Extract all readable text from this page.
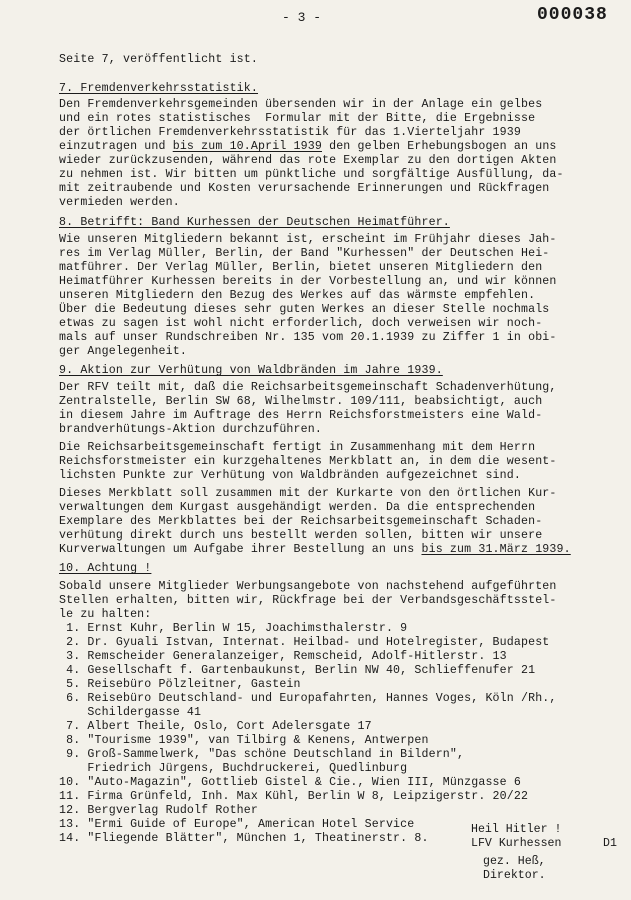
- 3 -	000038
Seite 7, veröffentlicht ist.
7. Fremdenverkehrsstatistik.
Den Fremdenverkehrsgemeinden übersenden wir in der Anlage ein gelbes
und ein rotes statistisches  Formular mit der Bitte, die Ergebnisse
der örtlichen Fremdenverkehrsstatistik für das 1.Vierteljahr 1939
einzutragen und bis zum 10.April 1939 den gelben Erhebungsbogen an uns
wieder zurückzusenden, während das rote Exemplar zu den dortigen Akten
zu nehmen ist. Wir bitten um pünktliche und sorgfältige Ausfüllung, da-
mit zeitraubende und Kosten verursachende Erinnerungen und Rückfragen
vermieden werden.
8. Betrifft: Band Kurhessen der Deutschen Heimatführer.
Wie unseren Mitgliedern bekannt ist, erscheint im Frühjahr dieses Jah-
res im Verlag Müller, Berlin, der Band "Kurhessen" der Deutschen Hei-
matführer. Der Verlag Müller, Berlin, bietet unseren Mitgliedern den
Heimatführer Kurhessen bereits in der Vorbestellung an, und wir können
unseren Mitgliedern den Bezug des Werkes auf das wärmste empfehlen.
Über die Bedeutung dieses sehr guten Werkes an dieser Stelle nochmals
etwas zu sagen ist wohl nicht erforderlich, doch verweisen wir noch-
mals auf unser Rundschreiben Nr. 135 vom 20.1.1939 zu Ziffer 1 in obi-
ger Angelegenheit.
9. Aktion zur Verhütung von Waldbränden im Jahre 1939.
Der RFV teilt mit, daß die Reichsarbeitsgemeinschaft Schadenverhütung,
Zentralstelle, Berlin SW 68, Wilhelmstr. 109/111, beabsichtigt, auch
in diesem Jahre im Auftrage des Herrn Reichsforstmeisters eine Wald-
brandverhütungs-Aktion durchzuführen.
Die Reichsarbeitsgemeinschaft fertigt in Zusammenhang mit dem Herrn
Reichsforstmeister ein kurzgehaltenes Merkblatt an, in dem die wesent-
lichsten Punkte zur Verhütung von Waldbränden aufgezeichnet sind.
Dieses Merkblatt soll zusammen mit der Kurkarte von den örtlichen Kur-
verwaltungen dem Kurgast ausgehändigt werden. Da die entsprechenden
Exemplare des Merkblattes bei der Reichsarbeitsgemeinschaft Schaden-
verhütung direkt durch uns bestellt werden sollen, bitten wir unsere
Kurverwaltungen um Aufgabe ihrer Bestellung an uns bis zum 31.März 1939.
10. Achtung !
Sobald unsere Mitglieder Werbungsangebote von nachstehend aufgeführten
Stellen erhalten, bitten wir, Rückfrage bei der Verbandsgeschäftsstel-
le zu halten:
1. Ernst Kuhr, Berlin W 15, Joachimsthalerstr. 9
2. Dr. Gyuali Istvan, Internat. Heilbad- und Hotelregister, Budapest
3. Remscheider Generalanzeiger, Remscheid, Adolf-Hitlerstr. 13
4. Gesellschaft f. Gartenbaukunst, Berlin NW 40, Schlieffenufer 21
5. Reisebüro Pölzleitner, Gastein
6. Reisebüro Deutschland- und Europafahrten, Hannes Voges, Köln /Rh.,
Schildergasse 41
7. Albert Theile, Oslo, Cort Adelersgate 17
8. "Tourisme 1939", van Tilbirg & Kenens, Antwerpen
9. Groß-Sammelwerk, "Das schöne Deutschland in Bildern",
Friedrich Jürgens, Buchdruckerei, Quedlinburg
10. "Auto-Magazin", Gottlieb Gistel & Cie., Wien III, Münzgasse 6
11. Firma Grünfeld, Inh. Max Kühl, Berlin W 8, Leipzigerstr. 20/22
12. Bergverlag Rudolf Rother
13. "Ermi Guide of Europe", American Hotel Service
14. "Fliegende Blätter", München 1, Theatinerstr. 8.
Heil Hitler !
LFV Kurhessen	D1
gez. Heß,
Direktor.
